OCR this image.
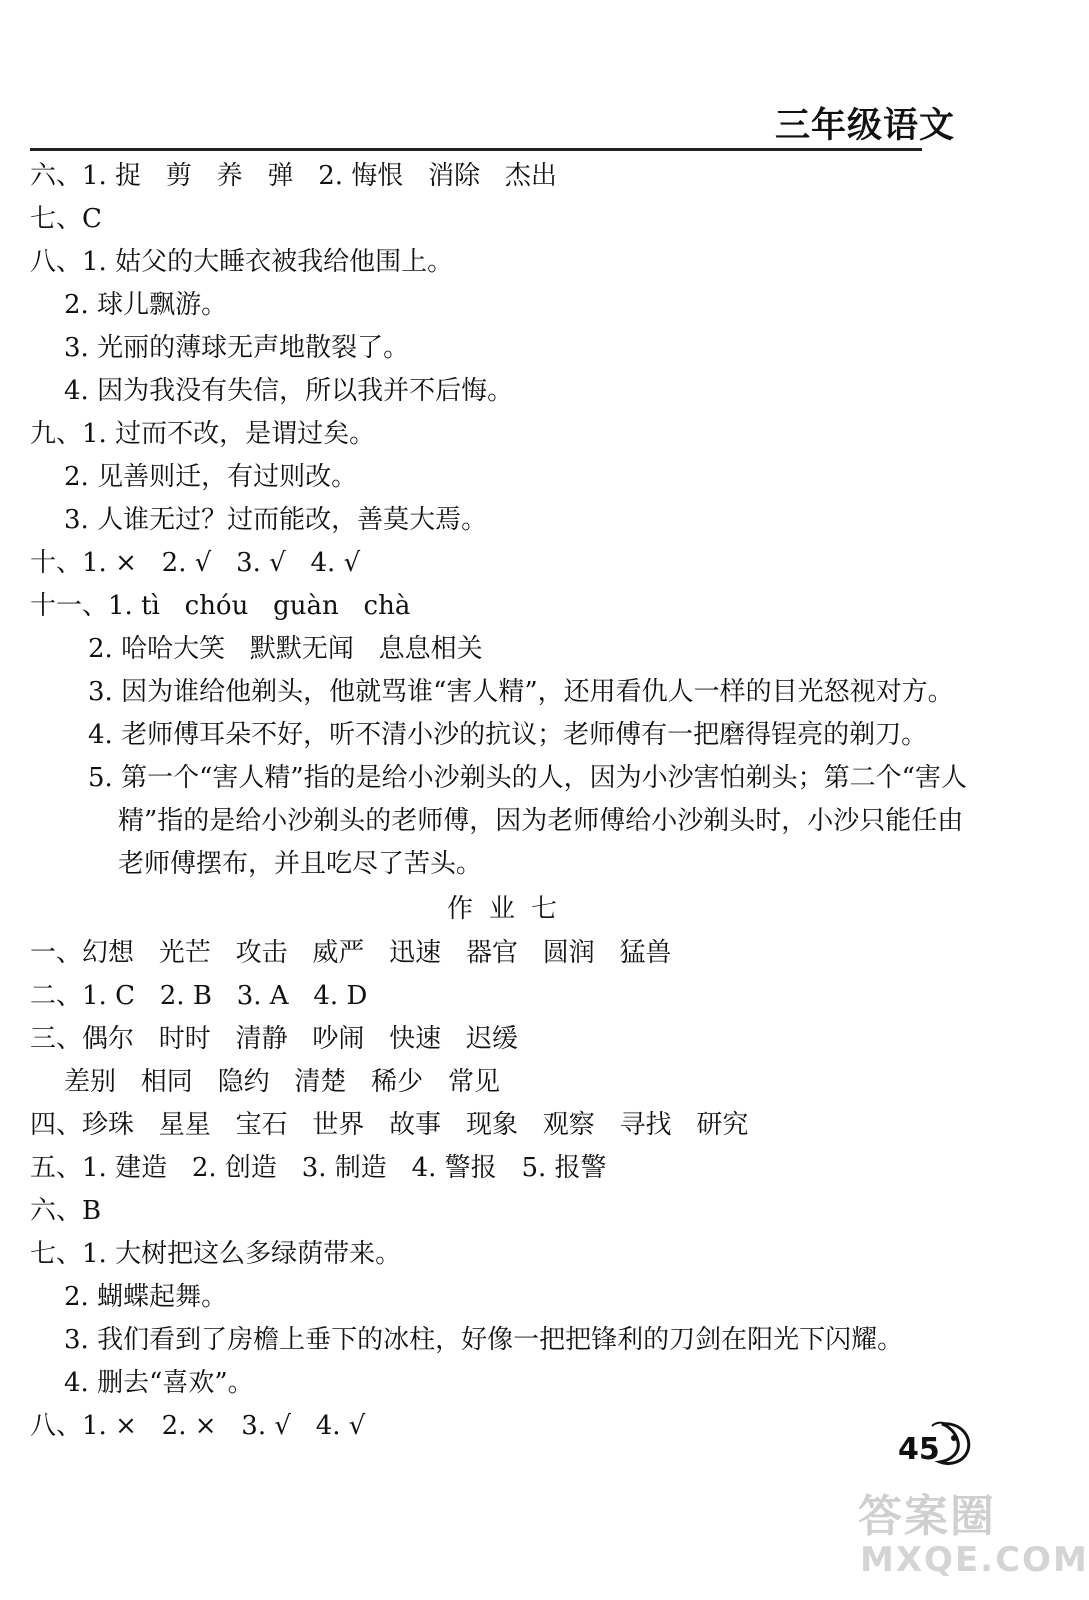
三年级语文
六、1. 捉   剪   养   弹   2. 悔恨   消除   杰出
七、C
八、1. 姑父的大睡衣被我给他围上。
2. 球儿飘游。
3. 光丽的薄球无声地散裂了。
4. 因为我没有失信，所以我并不后悔。
九、1. 过而不改，是谓过矣。
2. 见善则迁，有过则改。
3. 人谁无过？过而能改，善莫大焉。
十、1. ×   2. √   3. √   4. √
十一、1. tì   chóu   guàn   chà
2. 哈哈大笑   默默无闻   息息相关
3. 因为谁给他剃头，他就骂谁“害人精”，还用看仇人一样的目光怒视对方。
4. 老师傅耳朵不好，听不清小沙的抗议；老师傅有一把磨得锃亮的剃刀。
5. 第一个“害人精”指的是给小沙剃头的人，因为小沙害怕剃头；第二个“害人
精”指的是给小沙剃头的老师傅，因为老师傅给小沙剃头时，小沙只能任由
老师傅摆布，并且吃尽了苦头。
作业七
一、幻想   光芒   攻击   威严   迅速   器官   圆润   猛兽
二、1. C   2. B   3. A   4. D
三、偶尔   时时   清静   吵闹   快速   迟缓
差别   相同   隐约   清楚   稀少   常见
四、珍珠   星星   宝石   世界   故事   现象   观察   寻找   研究
五、1. 建造   2. 创造   3. 制造   4. 警报   5. 报警
六、B
七、1. 大树把这么多绿荫带来。
2. 蝴蝶起舞。
3. 我们看到了房檐上垂下的冰柱，好像一把把锋利的刀剑在阳光下闪耀。
4. 删去“喜欢”。
八、1. ×   2. ×   3. √   4. √
45
答案圈
MXQE.COM
